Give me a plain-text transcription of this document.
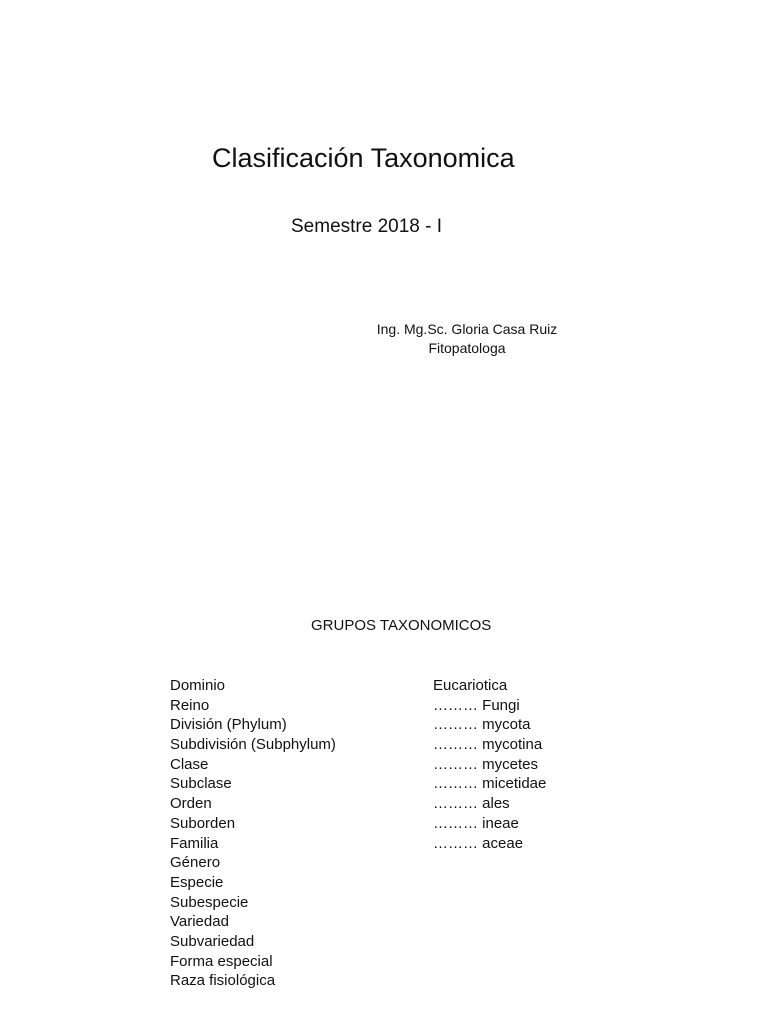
Clasificación Taxonomica
Semestre 2018 - I
Ing. Mg.Sc. Gloria Casa Ruiz
Fitopatologa
GRUPOS TAXONOMICOS
Dominio
Reino
División (Phylum)
Subdivisión (Subphylum)
Clase
Subclase
Orden
Suborden
Familia
Género
Especie
Subespecie
Variedad
Subvariedad
Forma especial
Raza fisiológica
Eucariotica
……… Fungi
……… mycota
……… mycotina
……… mycetes
……… micetidae
……… ales
……… ineae
……… aceae
